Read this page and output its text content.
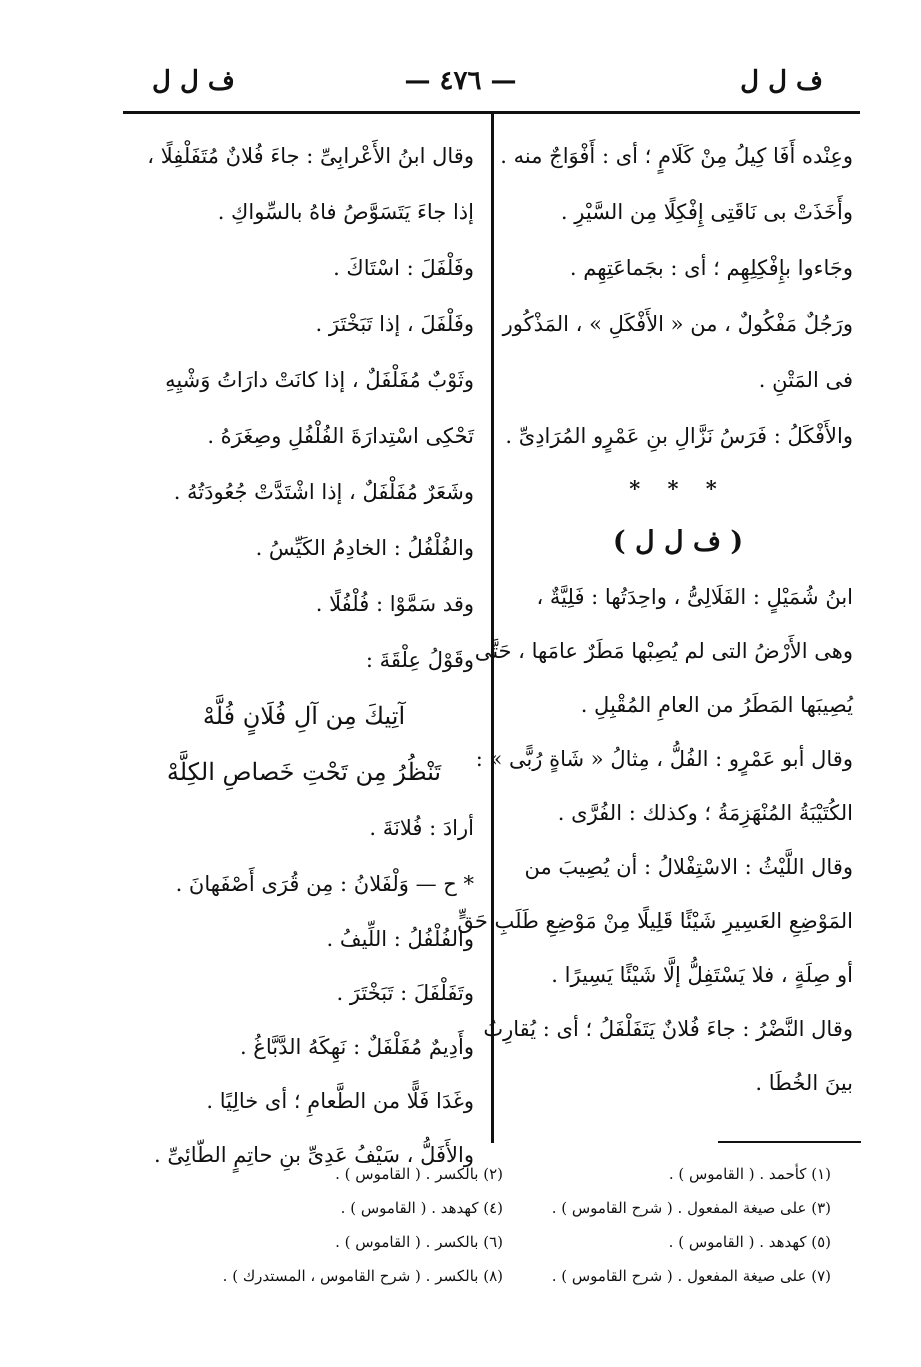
ف ل ل
— ٤٧٦ —
ف ل ل
وعِنْده أَفَا كِيلُ مِنْ كَلَامٍ ؛ أى : أَفْوَاجٌ منه .
وأَخَذَتْ بى نَاقَتِى إِفْكِلًا مِن السَّيْرِ .
وجَاءوا بإِفْكِلِهِم ؛ أى : بجَماعَتِهِم .
ورَجُلٌ مَفْكُولٌ ، من « الأَفْكَلِ » ، المَذْكُور
فى المَتْنِ .
والأَفْكَلُ : فَرَسُ نَزَّالِ بنِ عَمْرٍو المُرَادِىِّ .
* * *
( ف ل ل )
ابنُ شُمَيْلٍ : الفَلَالِىُّ ، واحِدَتُها : فَلِيَّةٌ ،
وهى الأَرْضُ التى لم يُصِبْها مَطَرٌ عامَها ، حَتَّى
يُصِيبَها المَطَرُ من العامِ المُقْبِلِ .
وقال أبو عَمْرٍو : الفُلُّ ، مِثالُ « شَاةٍ رُبًّى » :
الكُتَيْبَةُ المُنْهَزِمَةُ ؛ وكذلك : الفُرَّى .
وقال اللَّيْثُ : الاسْتِفْلالُ : أن يُصِيبَ من
المَوْضِعِ العَسِيرِ شَيْئًا قَلِيلًا مِنْ مَوْضِعِ طَلَبِ حَقٍّ
أو صِلَةٍ ، فلا يَسْتَفِلُّ إلَّا شَيْئًا يَسِيرًا .
وقال النَّضْرُ : جاءَ فُلانٌ يَتَفَلْفَلُ ؛ أى : يُقارِبُ
بينَ الخُطَا .
وقال ابنُ الأَعْرابِىِّ : جاءَ فُلانٌ مُتَفَلْفِلًا ،
إذا جاءَ يَتَسَوَّصُ فاهُ بالسِّواكِ .
وفَلْفَلَ : اسْتَاكَ .
وفَلْفَلَ ، إذا تَبَخْتَرَ .
وثَوْبٌ مُفَلْفَلٌ ، إذا كانَتْ دارَاتُ وَشْيِهِ
تَحْكِى اسْتِدارَةَ الفُلْفُلِ وصِغَرَهُ .
وشَعَرٌ مُفَلْفَلٌ ، إذا اشْتَدَّتْ جُعُودَتُهُ .
والفُلْفُلُ : الخادِمُ الكَيِّسُ .
وقد سَمَّوْا : فُلْفُلًا .
وقَوْلُ عِلْقَةَ :
آتِيكَ مِن آلِ فُلَانٍ فُلَّهْ
تَنْظُرُ مِن تَحْتِ خَصاصِ الكِلَّهْ
أرادَ : فُلانَةَ .
* ح — وَلْفَلانُ : مِن قُرَى أَصْفَهانَ .
والفُلْفُلُ : اللِّيفُ .
وتَفَلْفَلَ : تَبَخْتَرَ .
وأَدِيمٌ مُفَلْفَلٌ : نَهِكَهُ الدَّبَّاغُ .
وغَدَا فَلًّا من الطَّعامِ ؛ أى خالِيًا .
والأَفَلُّ ، سَيْفُ عَدِىِّ بنِ حاتِمٍ الطّائِىِّ .
(١) كأحمد . ( القاموس ) .
(٣) على صيغة المفعول . ( شرح القاموس ) .
(٥) كهدهد . ( القاموس ) .
(٧) على صيغة المفعول . ( شرح القاموس ) .
(٢) بالكسر . ( القاموس ) .
(٤) كهدهد . ( القاموس ) .
(٦) بالكسر . ( القاموس ) .
(٨) بالكسر . ( شرح القاموس ، المستدرك ) .
